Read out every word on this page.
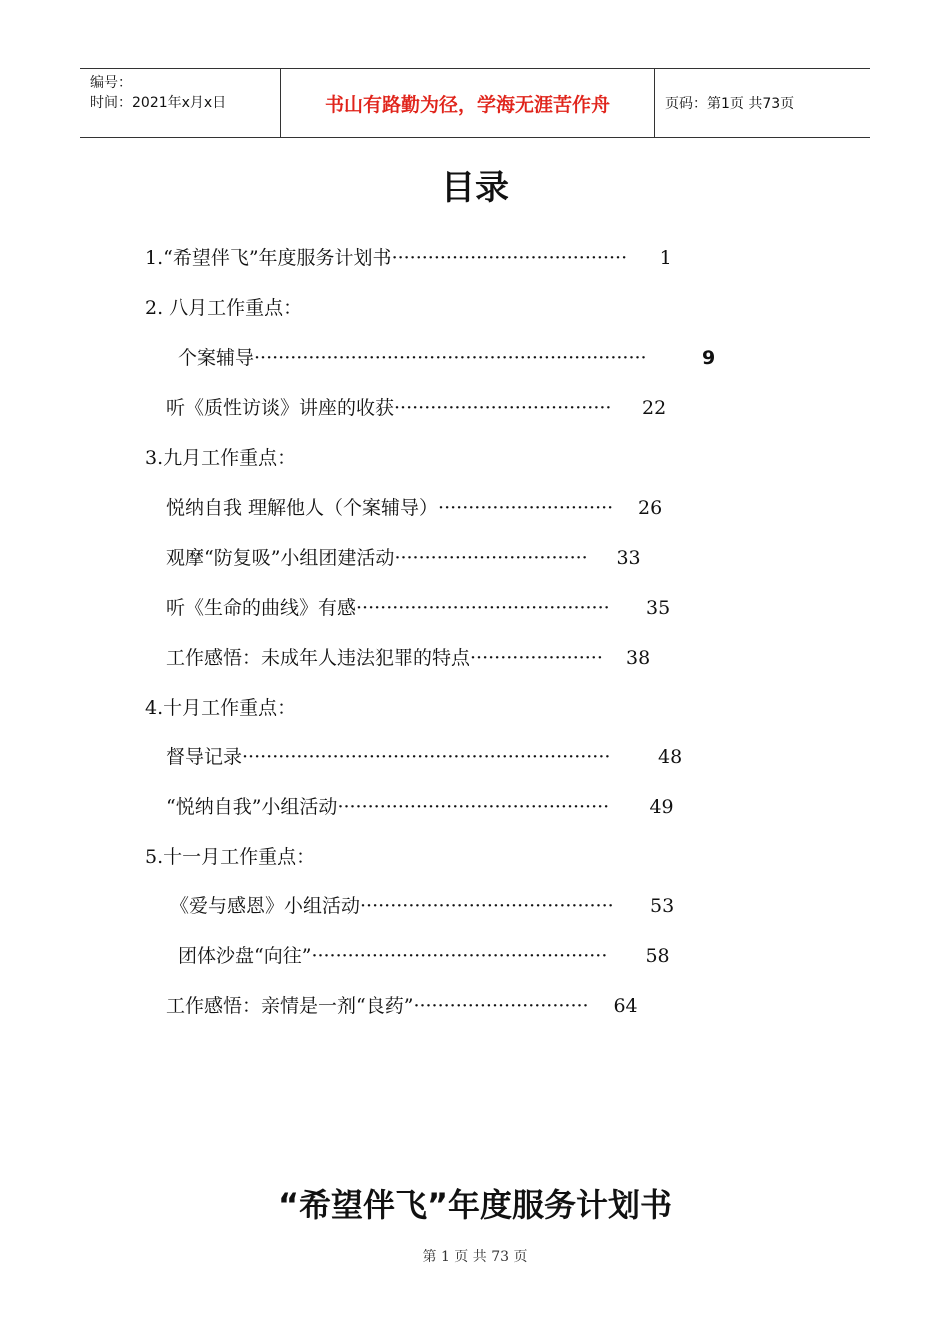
编号：
时间：2021年x月x日	书山有路勤为径，学海无涯苦作舟	页码：第1页 共73页
目录
1.“希望伴飞”年度服务计划书······································· 1
2. 八月工作重点：
个案辅导·································································	9
听《质性访谈》讲座的收获···································· 22
3.九月工作重点：
悦纳自我 理解他人（个案辅导）····························· 26
观摩“防复吸”小组团建活动································ 33
听《生命的曲线》有感·········································· 35
工作感悟：未成年人违法犯罪的特点······················ 38
4.十月工作重点：
督导记录·····························································	48
“悦纳自我”小组活动············································· 49
5.十一月工作重点：
《爱与感恩》小组活动·········································· 53
团体沙盘“向往”················································· 58
工作感悟：亲情是一剂“良药”····························· 64
“希望伴飞”年度服务计划书
第 1 页 共 73 页
